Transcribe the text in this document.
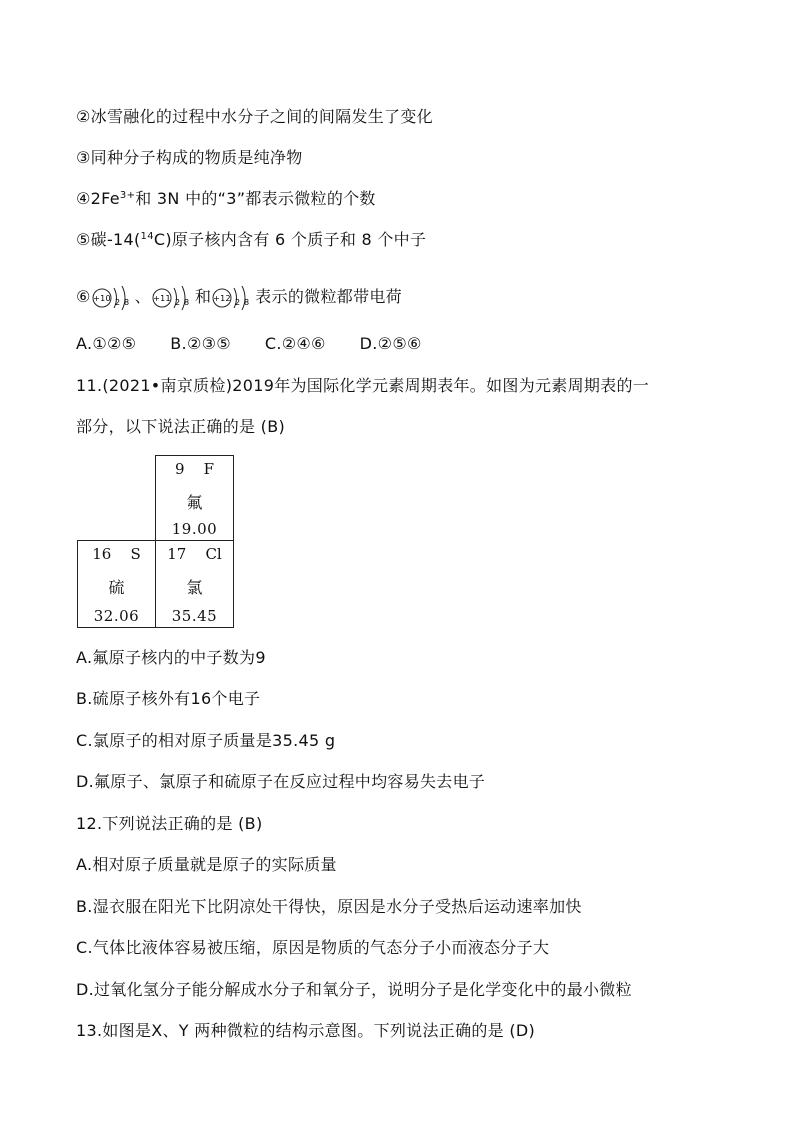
②冰雪融化的过程中水分子之间的间隔发生了变化
③同种分子构成的物质是纯净物
$④2Fe^{3+}$和 3N 中的“3”都表示微粒的个数
⑤碳-14($^{14}$C)原子核内含有 6 个质子和 8 个中子
⑥ +10 2 8 、 +11 2 8 和 +12 2 8 表示的微粒都带电荷
A.①②⑤ B.②③⑤ C.②④⑥ D.②⑤⑥
11.(2021•南京质检)2019年为国际化学元素周期表年。如图为元素周期表的一
部分，以下说法正确的是 (B)
9 F
氟
19.00
16 S
硫
32.06
17 Cl
氯
35.45
A.氟原子核内的中子数为9
B.硫原子核外有16个电子
C.氯原子的相对原子质量是35.45 g
D.氟原子、氯原子和硫原子在反应过程中均容易失去电子
12.下列说法正确的是 (B)
A.相对原子质量就是原子的实际质量
B.湿衣服在阳光下比阴凉处干得快，原因是水分子受热后运动速率加快
C.气体比液体容易被压缩，原因是物质的气态分子小而液态分子大
D.过氧化氢分子能分解成水分子和氧分子，说明分子是化学变化中的最小微粒
13.如图是X、Y 两种微粒的结构示意图。下列说法正确的是 (D)
